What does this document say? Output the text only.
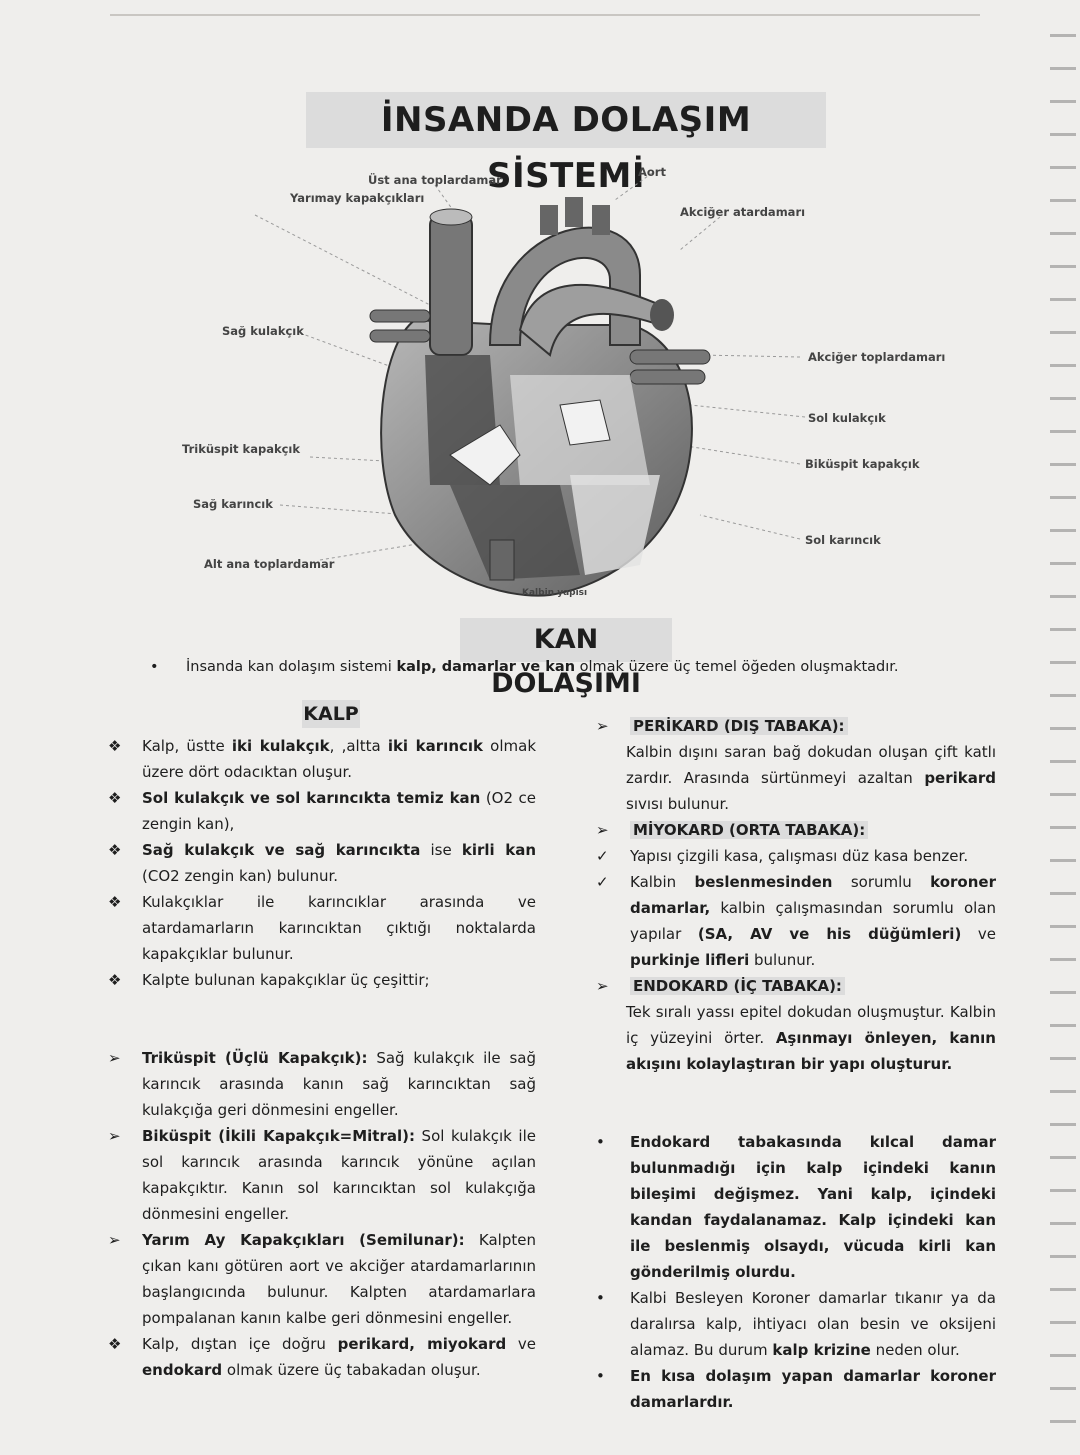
İNSANDA DOLAŞIM SİSTEMİ
Yarımay kapakçıkları
Üst ana toplardamar
Aort
Akciğer atardamarı
Sağ kulakçık
Akciğer toplardamarı
Sol kulakçık
Triküspit kapakçık
Biküspit kapakçık
Sağ karıncık
Sol karıncık
Alt ana toplardamar
Kalbin yapısı
KAN DOLAŞIMI
• İnsanda kan dolaşım sistemi kalp, damarlar ve kan olmak üzere üç temel öğeden oluşmaktadır.
KALP
❖ Kalp, üstte iki kulakçık, ,altta iki karıncık olmak üzere dört odacıktan oluşur.
❖ Sol kulakçık ve sol karıncıkta temiz kan (O2 ce zengin kan),
❖ Sağ kulakçık ve sağ karıncıkta ise kirli kan (CO2 zengin kan) bulunur.
❖ Kulakçıklar ile karıncıklar arasında ve atardamarların karıncıktan çıktığı noktalarda kapakçıklar bulunur.
❖ Kalpte bulunan kapakçıklar üç çeşittir;
➢ Triküspit (Üçlü Kapakçık): Sağ kulakçık ile sağ karıncık arasında kanın sağ karıncıktan sağ kulakçığa geri dönmesini engeller.
➢ Biküspit (İkili Kapakçık=Mitral): Sol kulakçık ile sol karıncık arasında karıncık yönüne açılan kapakçıktır. Kanın sol karıncıktan sol kulakçığa dönmesini engeller.
➢ Yarım Ay Kapakçıkları (Semilunar): Kalpten çıkan kanı götüren aort ve akciğer atardamarlarının başlangıcında bulunur. Kalpten atardamarlara pompalanan kanın kalbe geri dönmesini engeller.
❖ Kalp, dıştan içe doğru perikard, miyokard ve endokard olmak üzere üç tabakadan oluşur.
➢ PERİKARD (DIŞ TABAKA):
Kalbin dışını saran bağ dokudan oluşan çift katlı zardır. Arasında sürtünmeyi azaltan perikard sıvısı bulunur.
➢ MİYOKARD (ORTA TABAKA):
✓ Yapısı çizgili kasa, çalışması düz kasa benzer.
✓ Kalbin beslenmesinden sorumlu koroner damarlar, kalbin çalışmasından sorumlu olan yapılar (SA, AV ve his düğümleri) ve purkinje lifleri bulunur.
➢ ENDOKARD (İÇ TABAKA):
Tek sıralı yassı epitel dokudan oluşmuştur. Kalbin iç yüzeyini örter. Aşınmayı önleyen, kanın akışını kolaylaştıran bir yapı oluşturur.
• Endokard tabakasında kılcal damar bulunmadığı için kalp içindeki kanın bileşimi değişmez. Yani kalp, içindeki kandan faydalanamaz. Kalp içindeki kan ile beslenmiş olsaydı, vücuda kirli kan gönderilmiş olurdu.
• Kalbi Besleyen Koroner damarlar tıkanır ya da daralırsa kalp, ihtiyacı olan besin ve oksijeni alamaz. Bu durum kalp krizine neden olur.
• En kısa dolaşım yapan damarlar koroner damarlardır.
